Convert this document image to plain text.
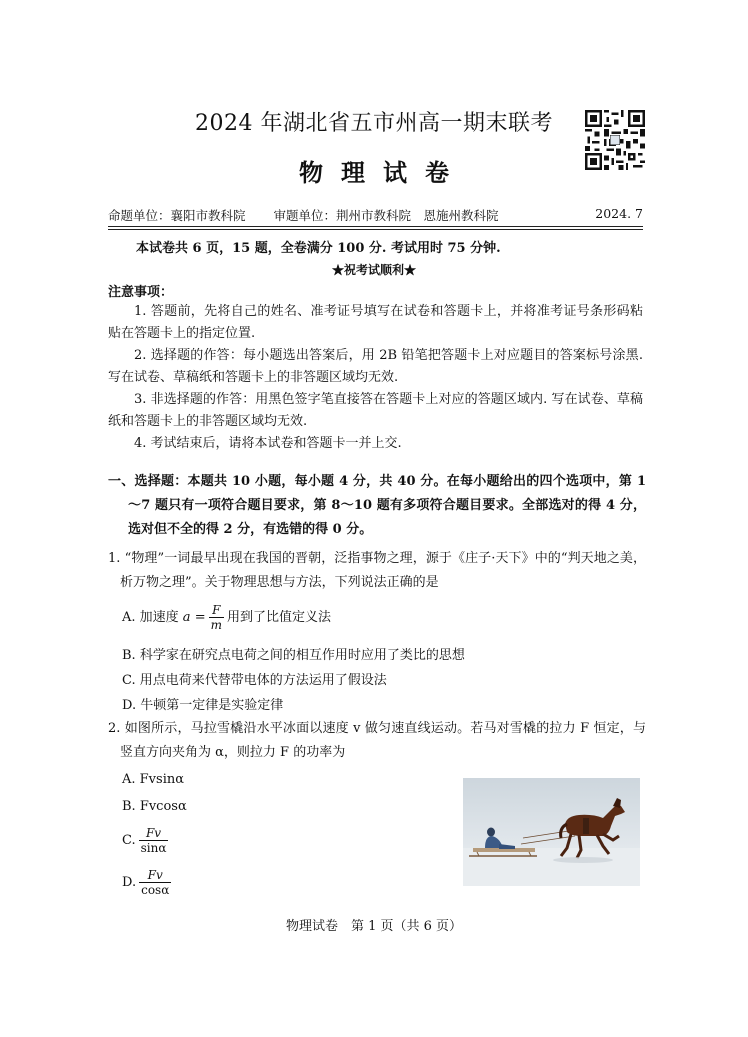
2024 年湖北省五市州高一期末联考
物理试卷
命题单位：襄阳市教科院 审题单位：荆州市教科院　恩施州教科院	2024. 7
本试卷共 6 页，15 题，全卷满分 100 分. 考试用时 75 分钟.
★祝考试顺利★
注意事项：
1. 答题前，先将自己的姓名、准考证号填写在试卷和答题卡上，并将准考证号条形码粘贴在答题卡上的指定位置.
2. 选择题的作答：每小题选出答案后，用 2B 铅笔把答题卡上对应题目的答案标号涂黑. 写在试卷、草稿纸和答题卡上的非答题区域均无效.
3. 非选择题的作答：用黑色签字笔直接答在答题卡上对应的答题区域内. 写在试卷、草稿纸和答题卡上的非答题区域均无效.
4. 考试结束后，请将本试卷和答题卡一并上交.
一、选择题：本题共 10 小题，每小题 4 分，共 40 分。在每小题给出的四个选项中，第 1～7 题只有一项符合题目要求，第 8～10 题有多项符合题目要求。全部选对的得 4 分，选对但不全的得 2 分，有选错的得 0 分。
1. “物理”一词最早出现在我国的晋朝，泛指事物之理，源于《庄子·天下》中的“判天地之美，析万物之理”。关于物理思想与方法，下列说法正确的是
A. 加速度 $a = \frac{F}{m}$ 用到了比值定义法
B. 科学家在研究点电荷之间的相互作用时应用了类比的思想
C. 用点电荷来代替带电体的方法运用了假设法
D. 牛顿第一定律是实验定律
2. 如图所示，马拉雪橇沿水平冰面以速度 v 做匀速直线运动。若马对雪橇的拉力 F 恒定，与竖直方向夹角为 α，则拉力 F 的功率为
A. Fvsinα
B. Fvcosα
C. $\frac{Fv}{\sin\alpha}$
D. $\frac{Fv}{\cos\alpha}$
物理试卷　第 1 页（共 6 页）
